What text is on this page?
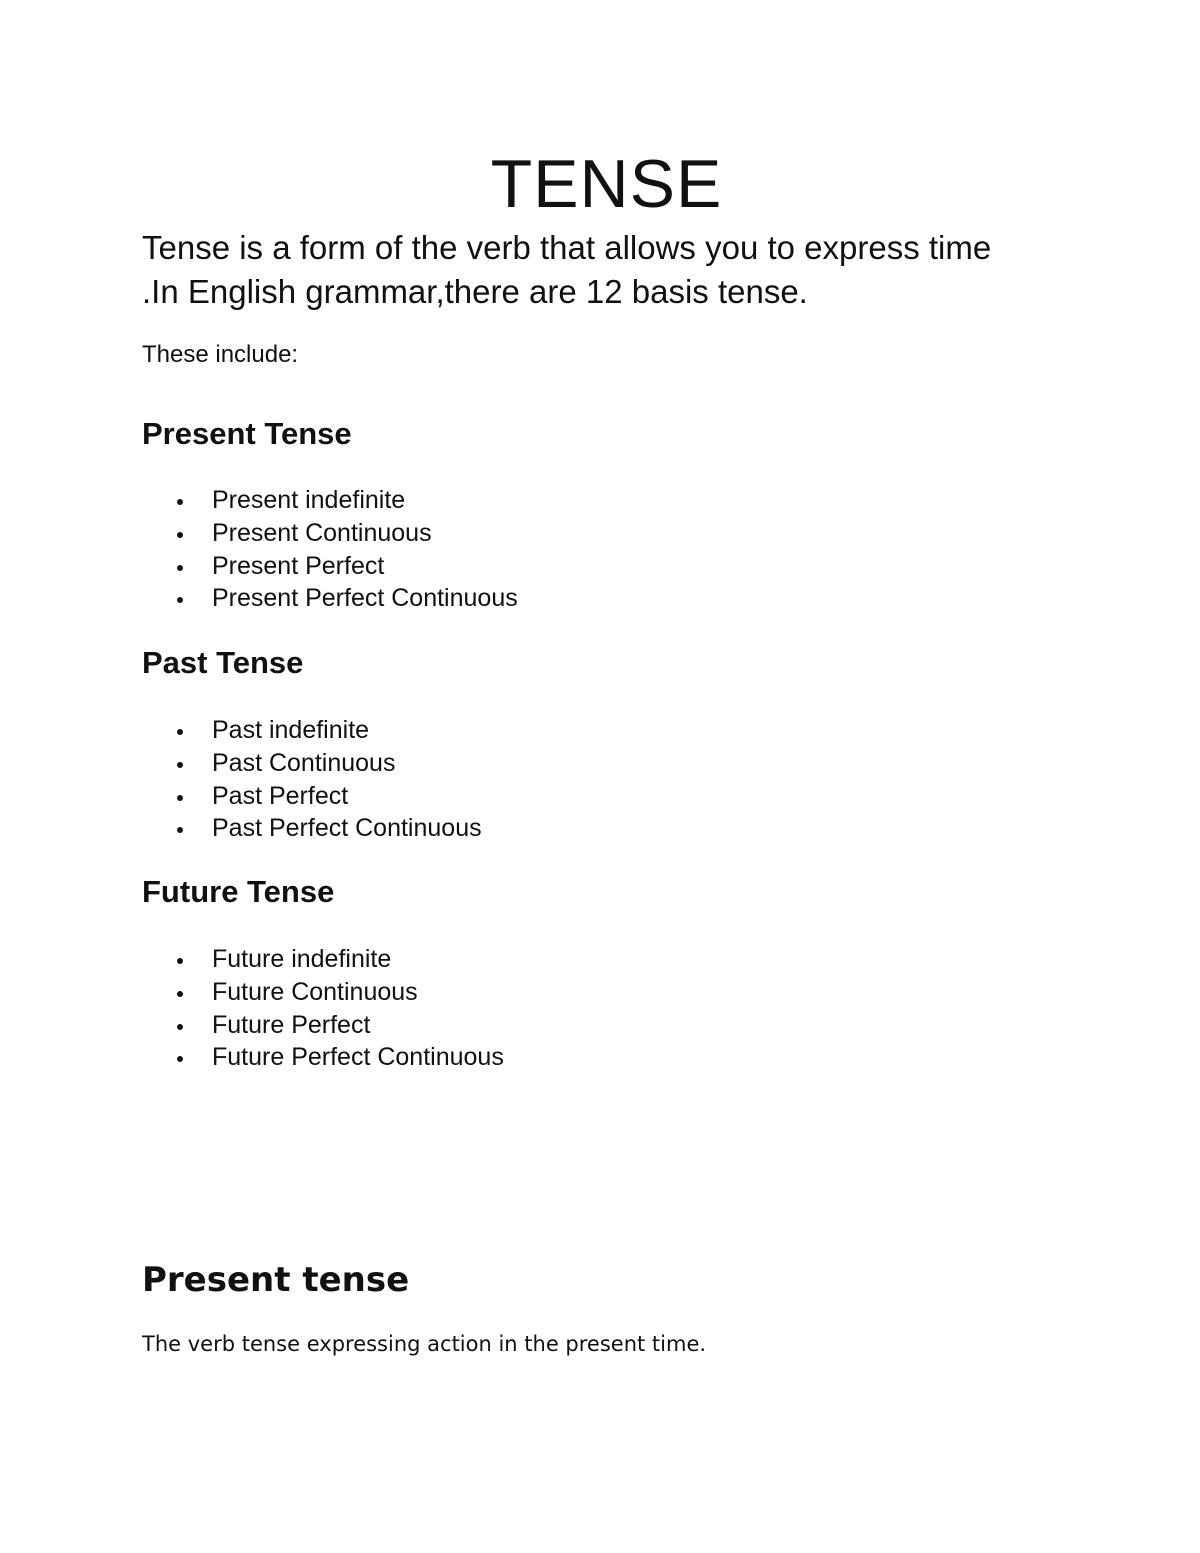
TENSE

Tense is a form of the verb that allows you to express time
.In English grammar,there are 12 basis tense.

These include:

Present Tense
Present indefinite
Present Continuous
Present Perfect
Present Perfect Continuous
Past Tense
Past indefinite
Past Continuous
Past Perfect
Past Perfect Continuous
Future Tense
Future indefinite
Future Continuous
Future Perfect
Future Perfect Continuous
Present tense

The verb tense expressing action in the present time.
